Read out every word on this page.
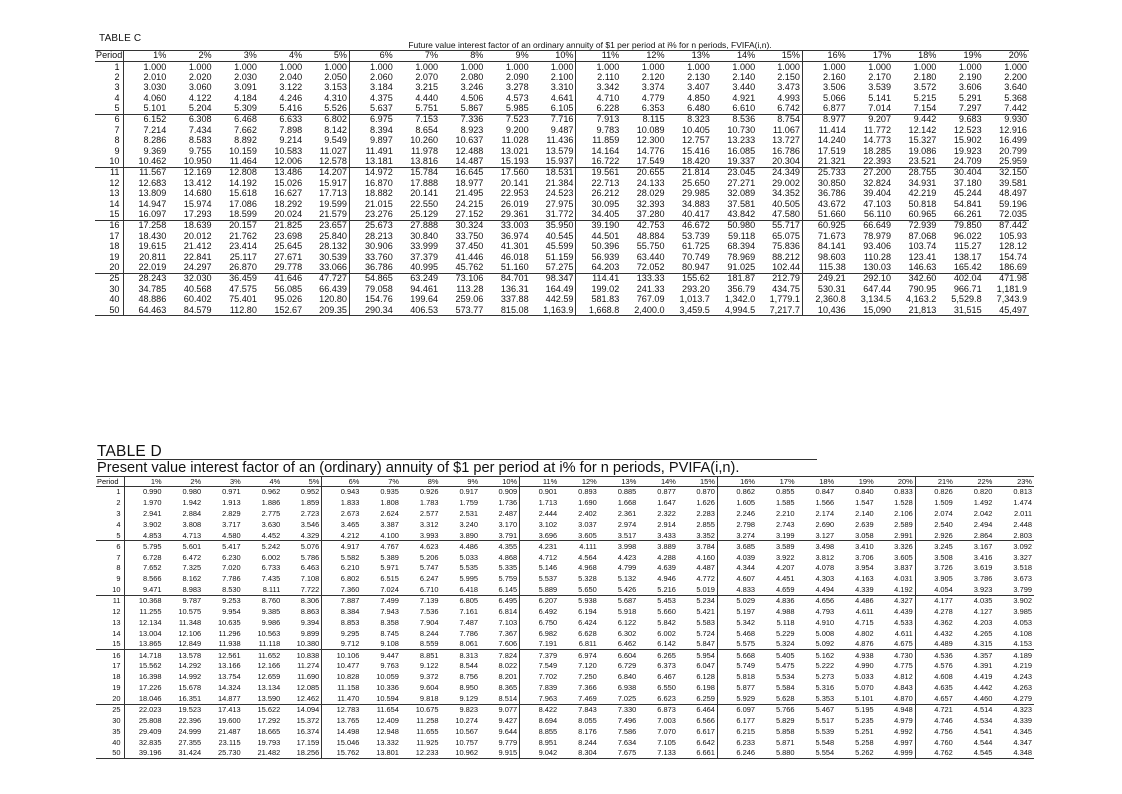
TABLE C
Future value interest factor of an ordinary annuity of $1 per period at i% for n periods, FVIFA(i,n).
Period	1%	2%	3%	4%	5%	6%	7%	8%	9%	10%	11%	12%	13%	14%	15%	16%	17%	18%	19%	20%
1	1.000	1.000	1.000	1.000	1.000	1.000	1.000	1.000	1.000	1.000	1.000	1.000	1.000	1.000	1.000	1.000	1.000	1.000	1.000	1.000
2	2.010	2.020	2.030	2.040	2.050	2.060	2.070	2.080	2.090	2.100	2.110	2.120	2.130	2.140	2.150	2.160	2.170	2.180	2.190	2.200
3	3.030	3.060	3.091	3.122	3.153	3.184	3.215	3.246	3.278	3.310	3.342	3.374	3.407	3.440	3.473	3.506	3.539	3.572	3.606	3.640
4	4.060	4.122	4.184	4.246	4.310	4.375	4.440	4.506	4.573	4.641	4.710	4.779	4.850	4.921	4.993	5.066	5.141	5.215	5.291	5.368
5	5.101	5.204	5.309	5.416	5.526	5.637	5.751	5.867	5.985	6.105	6.228	6.353	6.480	6.610	6.742	6.877	7.014	7.154	7.297	7.442
6	6.152	6.308	6.468	6.633	6.802	6.975	7.153	7.336	7.523	7.716	7.913	8.115	8.323	8.536	8.754	8.977	9.207	9.442	9.683	9.930
7	7.214	7.434	7.662	7.898	8.142	8.394	8.654	8.923	9.200	9.487	9.783	10.089	10.405	10.730	11.067	11.414	11.772	12.142	12.523	12.916
8	8.286	8.583	8.892	9.214	9.549	9.897	10.260	10.637	11.028	11.436	11.859	12.300	12.757	13.233	13.727	14.240	14.773	15.327	15.902	16.499
9	9.369	9.755	10.159	10.583	11.027	11.491	11.978	12.488	13.021	13.579	14.164	14.776	15.416	16.085	16.786	17.519	18.285	19.086	19.923	20.799
10	10.462	10.950	11.464	12.006	12.578	13.181	13.816	14.487	15.193	15.937	16.722	17.549	18.420	19.337	20.304	21.321	22.393	23.521	24.709	25.959
11	11.567	12.169	12.808	13.486	14.207	14.972	15.784	16.645	17.560	18.531	19.561	20.655	21.814	23.045	24.349	25.733	27.200	28.755	30.404	32.150
12	12.683	13.412	14.192	15.026	15.917	16.870	17.888	18.977	20.141	21.384	22.713	24.133	25.650	27.271	29.002	30.850	32.824	34.931	37.180	39.581
13	13.809	14.680	15.618	16.627	17.713	18.882	20.141	21.495	22.953	24.523	26.212	28.029	29.985	32.089	34.352	36.786	39.404	42.219	45.244	48.497
14	14.947	15.974	17.086	18.292	19.599	21.015	22.550	24.215	26.019	27.975	30.095	32.393	34.883	37.581	40.505	43.672	47.103	50.818	54.841	59.196
15	16.097	17.293	18.599	20.024	21.579	23.276	25.129	27.152	29.361	31.772	34.405	37.280	40.417	43.842	47.580	51.660	56.110	60.965	66.261	72.035
16	17.258	18.639	20.157	21.825	23.657	25.673	27.888	30.324	33.003	35.950	39.190	42.753	46.672	50.980	55.717	60.925	66.649	72.939	79.850	87.442
17	18.430	20.012	21.762	23.698	25.840	28.213	30.840	33.750	36.974	40.545	44.501	48.884	53.739	59.118	65.075	71.673	78.979	87.068	96.022	105.93
18	19.615	21.412	23.414	25.645	28.132	30.906	33.999	37.450	41.301	45.599	50.396	55.750	61.725	68.394	75.836	84.141	93.406	103.74	115.27	128.12
19	20.811	22.841	25.117	27.671	30.539	33.760	37.379	41.446	46.018	51.159	56.939	63.440	70.749	78.969	88.212	98.603	110.28	123.41	138.17	154.74
20	22.019	24.297	26.870	29.778	33.066	36.786	40.995	45.762	51.160	57.275	64.203	72.052	80.947	91.025	102.44	115.38	130.03	146.63	165.42	186.69
25	28.243	32.030	36.459	41.646	47.727	54.865	63.249	73.106	84.701	98.347	114.41	133.33	155.62	181.87	212.79	249.21	292.10	342.60	402.04	471.98
30	34.785	40.568	47.575	56.085	66.439	79.058	94.461	113.28	136.31	164.49	199.02	241.33	293.20	356.79	434.75	530.31	647.44	790.95	966.71	1,181.9
40	48.886	60.402	75.401	95.026	120.80	154.76	199.64	259.06	337.88	442.59	581.83	767.09	1,013.7	1,342.0	1,779.1	2,360.8	3,134.5	4,163.2	5,529.8	7,343.9
50	64.463	84.579	112.80	152.67	209.35	290.34	406.53	573.77	815.08	1,163.9	1,668.8	2,400.0	3,459.5	4,994.5	7,217.7	10,436	15,090	21,813	31,515	45,497
TABLE D
Present value interest factor of an (ordinary) annuity of $1 per period at i% for n periods, PVIFA(i,n).
Period	1%	2%	3%	4%	5%	6%	7%	8%	9%	10%	11%	12%	13%	14%	15%	16%	17%	18%	19%	20%	21%	22%	23%
1	0.990	0.980	0.971	0.962	0.952	0.943	0.935	0.926	0.917	0.909	0.901	0.893	0.885	0.877	0.870	0.862	0.855	0.847	0.840	0.833	0.826	0.820	0.813
2	1.970	1.942	1.913	1.886	1.859	1.833	1.808	1.783	1.759	1.736	1.713	1.690	1.668	1.647	1.626	1.605	1.585	1.566	1.547	1.528	1.509	1.492	1.474
3	2.941	2.884	2.829	2.775	2.723	2.673	2.624	2.577	2.531	2.487	2.444	2.402	2.361	2.322	2.283	2.246	2.210	2.174	2.140	2.106	2.074	2.042	2.011
4	3.902	3.808	3.717	3.630	3.546	3.465	3.387	3.312	3.240	3.170	3.102	3.037	2.974	2.914	2.855	2.798	2.743	2.690	2.639	2.589	2.540	2.494	2.448
5	4.853	4.713	4.580	4.452	4.329	4.212	4.100	3.993	3.890	3.791	3.696	3.605	3.517	3.433	3.352	3.274	3.199	3.127	3.058	2.991	2.926	2.864	2.803
6	5.795	5.601	5.417	5.242	5.076	4.917	4.767	4.623	4.486	4.355	4.231	4.111	3.998	3.889	3.784	3.685	3.589	3.498	3.410	3.326	3.245	3.167	3.092
7	6.728	6.472	6.230	6.002	5.786	5.582	5.389	5.206	5.033	4.868	4.712	4.564	4.423	4.288	4.160	4.039	3.922	3.812	3.706	3.605	3.508	3.416	3.327
8	7.652	7.325	7.020	6.733	6.463	6.210	5.971	5.747	5.535	5.335	5.146	4.968	4.799	4.639	4.487	4.344	4.207	4.078	3.954	3.837	3.726	3.619	3.518
9	8.566	8.162	7.786	7.435	7.108	6.802	6.515	6.247	5.995	5.759	5.537	5.328	5.132	4.946	4.772	4.607	4.451	4.303	4.163	4.031	3.905	3.786	3.673
10	9.471	8.983	8.530	8.111	7.722	7.360	7.024	6.710	6.418	6.145	5.889	5.650	5.426	5.216	5.019	4.833	4.659	4.494	4.339	4.192	4.054	3.923	3.799
11	10.368	9.787	9.253	8.760	8.306	7.887	7.499	7.139	6.805	6.495	6.207	5.938	5.687	5.453	5.234	5.029	4.836	4.656	4.486	4.327	4.177	4.035	3.902
12	11.255	10.575	9.954	9.385	8.863	8.384	7.943	7.536	7.161	6.814	6.492	6.194	5.918	5.660	5.421	5.197	4.988	4.793	4.611	4.439	4.278	4.127	3.985
13	12.134	11.348	10.635	9.986	9.394	8.853	8.358	7.904	7.487	7.103	6.750	6.424	6.122	5.842	5.583	5.342	5.118	4.910	4.715	4.533	4.362	4.203	4.053
14	13.004	12.106	11.296	10.563	9.899	9.295	8.745	8.244	7.786	7.367	6.982	6.628	6.302	6.002	5.724	5.468	5.229	5.008	4.802	4.611	4.432	4.265	4.108
15	13.865	12.849	11.938	11.118	10.380	9.712	9.108	8.559	8.061	7.606	7.191	6.811	6.462	6.142	5.847	5.575	5.324	5.092	4.876	4.675	4.489	4.315	4.153
16	14.718	13.578	12.561	11.652	10.838	10.106	9.447	8.851	8.313	7.824	7.379	6.974	6.604	6.265	5.954	5.668	5.405	5.162	4.938	4.730	4.536	4.357	4.189
17	15.562	14.292	13.166	12.166	11.274	10.477	9.763	9.122	8.544	8.022	7.549	7.120	6.729	6.373	6.047	5.749	5.475	5.222	4.990	4.775	4.576	4.391	4.219
18	16.398	14.992	13.754	12.659	11.690	10.828	10.059	9.372	8.756	8.201	7.702	7.250	6.840	6.467	6.128	5.818	5.534	5.273	5.033	4.812	4.608	4.419	4.243
19	17.226	15.678	14.324	13.134	12.085	11.158	10.336	9.604	8.950	8.365	7.839	7.366	6.938	6.550	6.198	5.877	5.584	5.316	5.070	4.843	4.635	4.442	4.263
20	18.046	16.351	14.877	13.590	12.462	11.470	10.594	9.818	9.129	8.514	7.963	7.469	7.025	6.623	6.259	5.929	5.628	5.353	5.101	4.870	4.657	4.460	4.279
25	22.023	19.523	17.413	15.622	14.094	12.783	11.654	10.675	9.823	9.077	8.422	7.843	7.330	6.873	6.464	6.097	5.766	5.467	5.195	4.948	4.721	4.514	4.323
30	25.808	22.396	19.600	17.292	15.372	13.765	12.409	11.258	10.274	9.427	8.694	8.055	7.496	7.003	6.566	6.177	5.829	5.517	5.235	4.979	4.746	4.534	4.339
35	29.409	24.999	21.487	18.665	16.374	14.498	12.948	11.655	10.567	9.644	8.855	8.176	7.586	7.070	6.617	6.215	5.858	5.539	5.251	4.992	4.756	4.541	4.345
40	32.835	27.355	23.115	19.793	17.159	15.046	13.332	11.925	10.757	9.779	8.951	8.244	7.634	7.105	6.642	6.233	5.871	5.548	5.258	4.997	4.760	4.544	4.347
50	39.196	31.424	25.730	21.482	18.256	15.762	13.801	12.233	10.962	9.915	9.042	8.304	7.675	7.133	6.661	6.246	5.880	5.554	5.262	4.999	4.762	4.545	4.348
